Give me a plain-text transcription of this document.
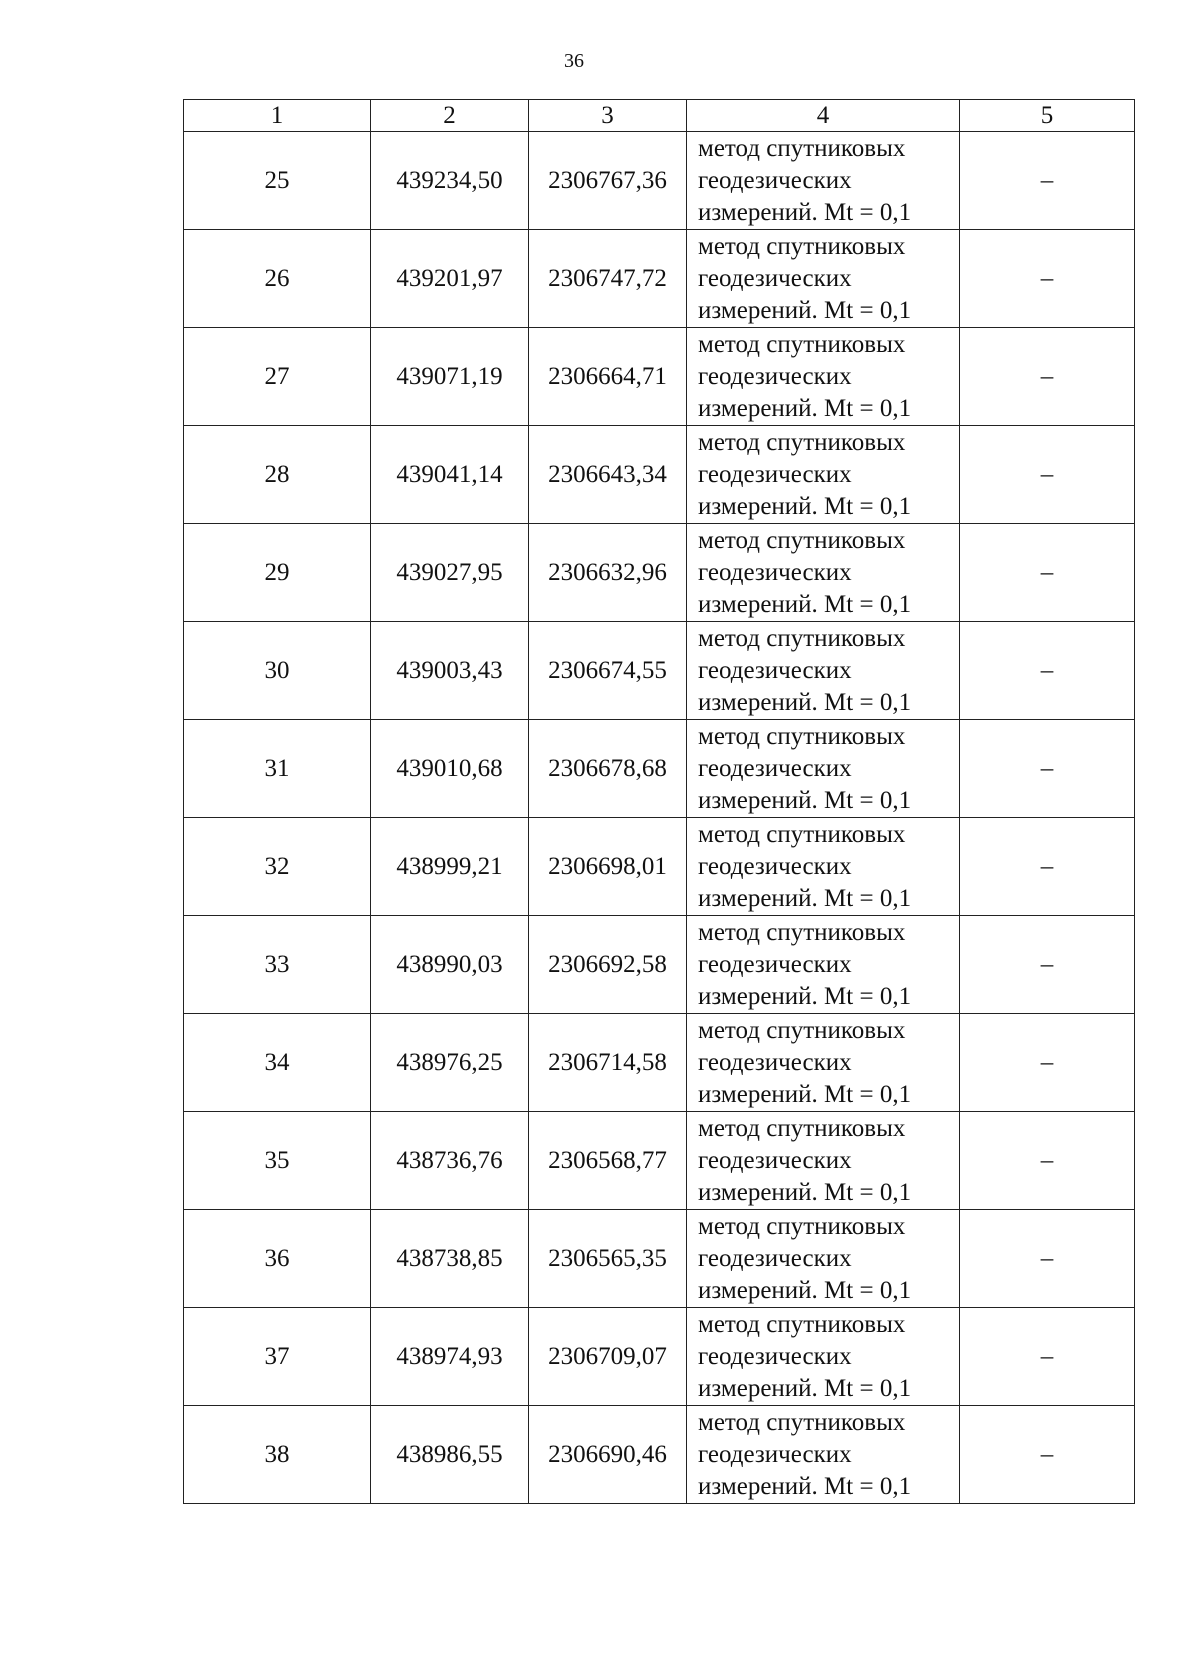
36
1	2	3	4	5
25	439234,50	2306767,36	метод спутниковых геодезических измерений. Mt = 0,1	–
26	439201,97	2306747,72	метод спутниковых геодезических измерений. Mt = 0,1	–
27	439071,19	2306664,71	метод спутниковых геодезических измерений. Mt = 0,1	–
28	439041,14	2306643,34	метод спутниковых геодезических измерений. Mt = 0,1	–
29	439027,95	2306632,96	метод спутниковых геодезических измерений. Mt = 0,1	–
30	439003,43	2306674,55	метод спутниковых геодезических измерений. Mt = 0,1	–
31	439010,68	2306678,68	метод спутниковых геодезических измерений. Mt = 0,1	–
32	438999,21	2306698,01	метод спутниковых геодезических измерений. Mt = 0,1	–
33	438990,03	2306692,58	метод спутниковых геодезических измерений. Mt = 0,1	–
34	438976,25	2306714,58	метод спутниковых геодезических измерений. Mt = 0,1	–
35	438736,76	2306568,77	метод спутниковых геодезических измерений. Mt = 0,1	–
36	438738,85	2306565,35	метод спутниковых геодезических измерений. Mt = 0,1	–
37	438974,93	2306709,07	метод спутниковых геодезических измерений. Mt = 0,1	–
38	438986,55	2306690,46	метод спутниковых геодезических измерений. Mt = 0,1	–
